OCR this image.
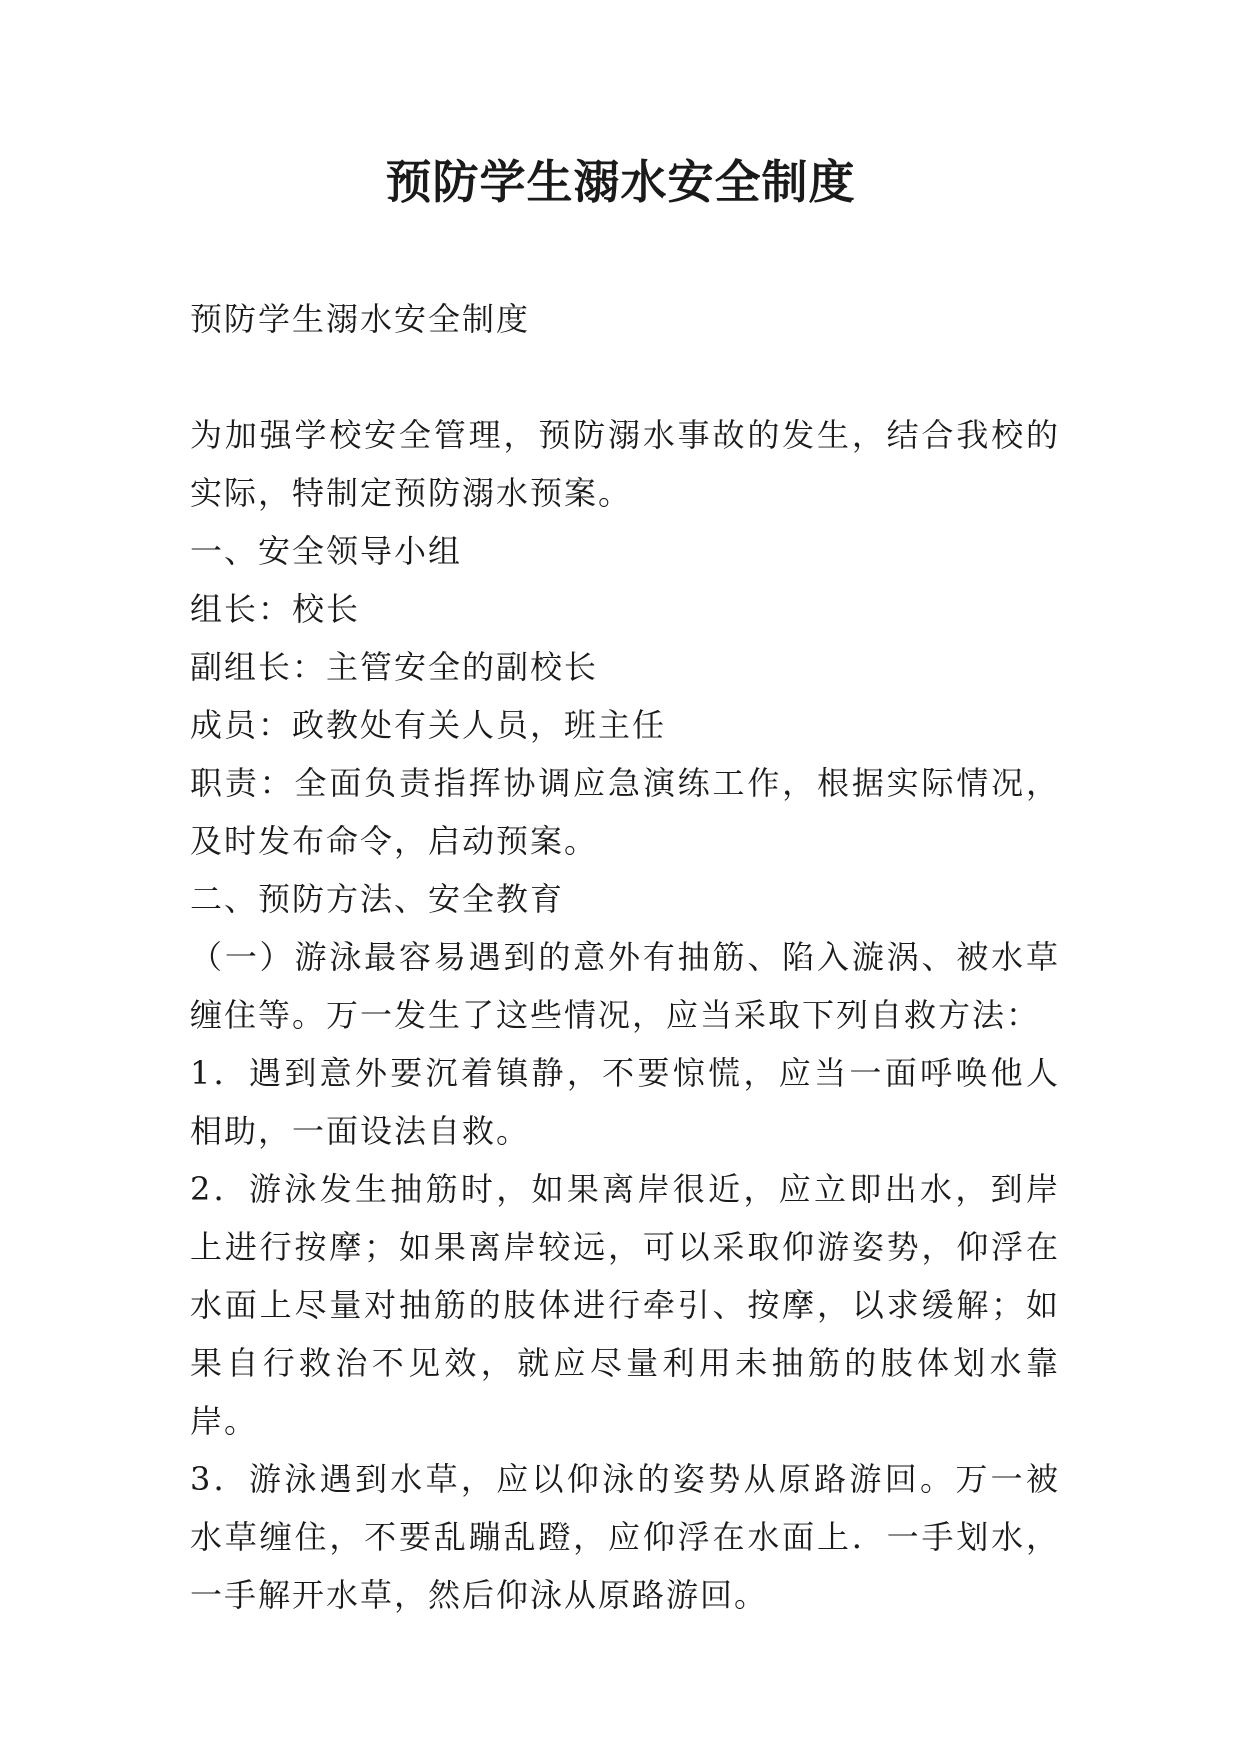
预防学生溺水安全制度

预防学生溺水安全制度

为加强学校安全管理，预防溺水事故的发生，结合我校的实际，特制定预防溺水预案。

一、安全领导小组

组长：校长

副组长：主管安全的副校长

成员：政教处有关人员，班主任

职责：全面负责指挥协调应急演练工作，根据实际情况，及时发布命令，启动预案。

二、预防方法、安全教育

（一）游泳最容易遇到的意外有抽筋、陷入漩涡、被水草缠住等。万一发生了这些情况，应当采取下列自救方法：

1．遇到意外要沉着镇静，不要惊慌，应当一面呼唤他人相助，一面设法自救。

2．游泳发生抽筋时，如果离岸很近，应立即出水，到岸上进行按摩；如果离岸较远，可以采取仰游姿势，仰浮在水面上尽量对抽筋的肢体进行牵引、按摩，以求缓解；如果自行救治不见效，就应尽量利用未抽筋的肢体划水靠岸。

3．游泳遇到水草，应以仰泳的姿势从原路游回。万一被水草缠住，不要乱蹦乱蹬，应仰浮在水面上．一手划水，一手解开水草，然后仰泳从原路游回。
